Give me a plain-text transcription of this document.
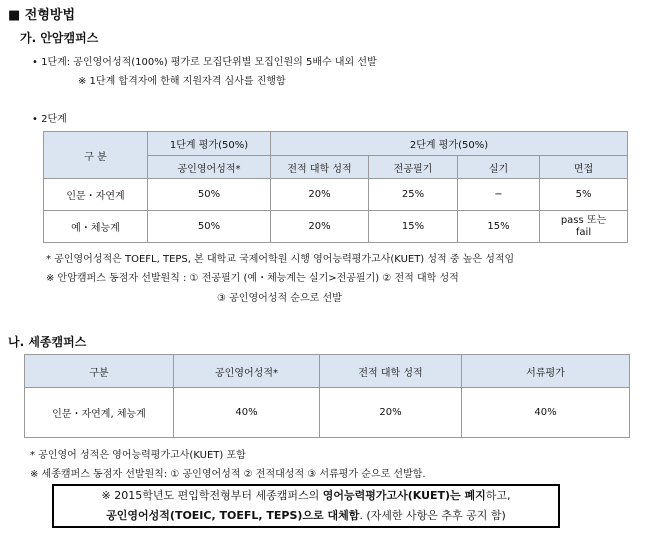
■ 전형방법
가. 안암캠퍼스
• 1단계: 공인영어성적(100%) 평가로 모집단위별 모집인원의 5배수 내외 선발
※ 1단계 합격자에 한해 지원자격 심사를 진행함
• 2단계
구 분	1단계 평가(50%)	2단계 평가(50%)			
	공인영어성적*	전적 대학 성적	전공필기	실기	면접
인문・자연계	50%	20%	25%	−	5%
예・체능계	50%	20%	15%	15%	pass 또는
fail
* 공인영어성적은 TOEFL, TEPS, 본 대학교 국제어학원 시행 영어능력평가고사(KUET) 성적 중 높은 성적임
※ 안암캠퍼스 동점자 선발원칙 : ① 전공필기 (예・체능계는 실기>전공필기) ② 전적 대학 성적
③ 공인영어성적 순으로 선발
나. 세종캠퍼스
구분	공인영어성적*	전적 대학 성적	서류평가
인문・자연계, 체능계	40%	20%	40%
* 공인영어 성적은 영어능력평가고사(KUET) 포함
※ 세종캠퍼스 동점자 선발원칙: ① 공인영어성적 ② 전적대성적 ③ 서류평가 순으로 선발함.
※ 2015학년도 편입학전형부터 세종캠퍼스의 영어능력평가고사(KUET)는 폐지하고,
공인영어성적(TOEIC, TOEFL, TEPS)으로 대체함. (자세한 사항은 추후 공지 함)
